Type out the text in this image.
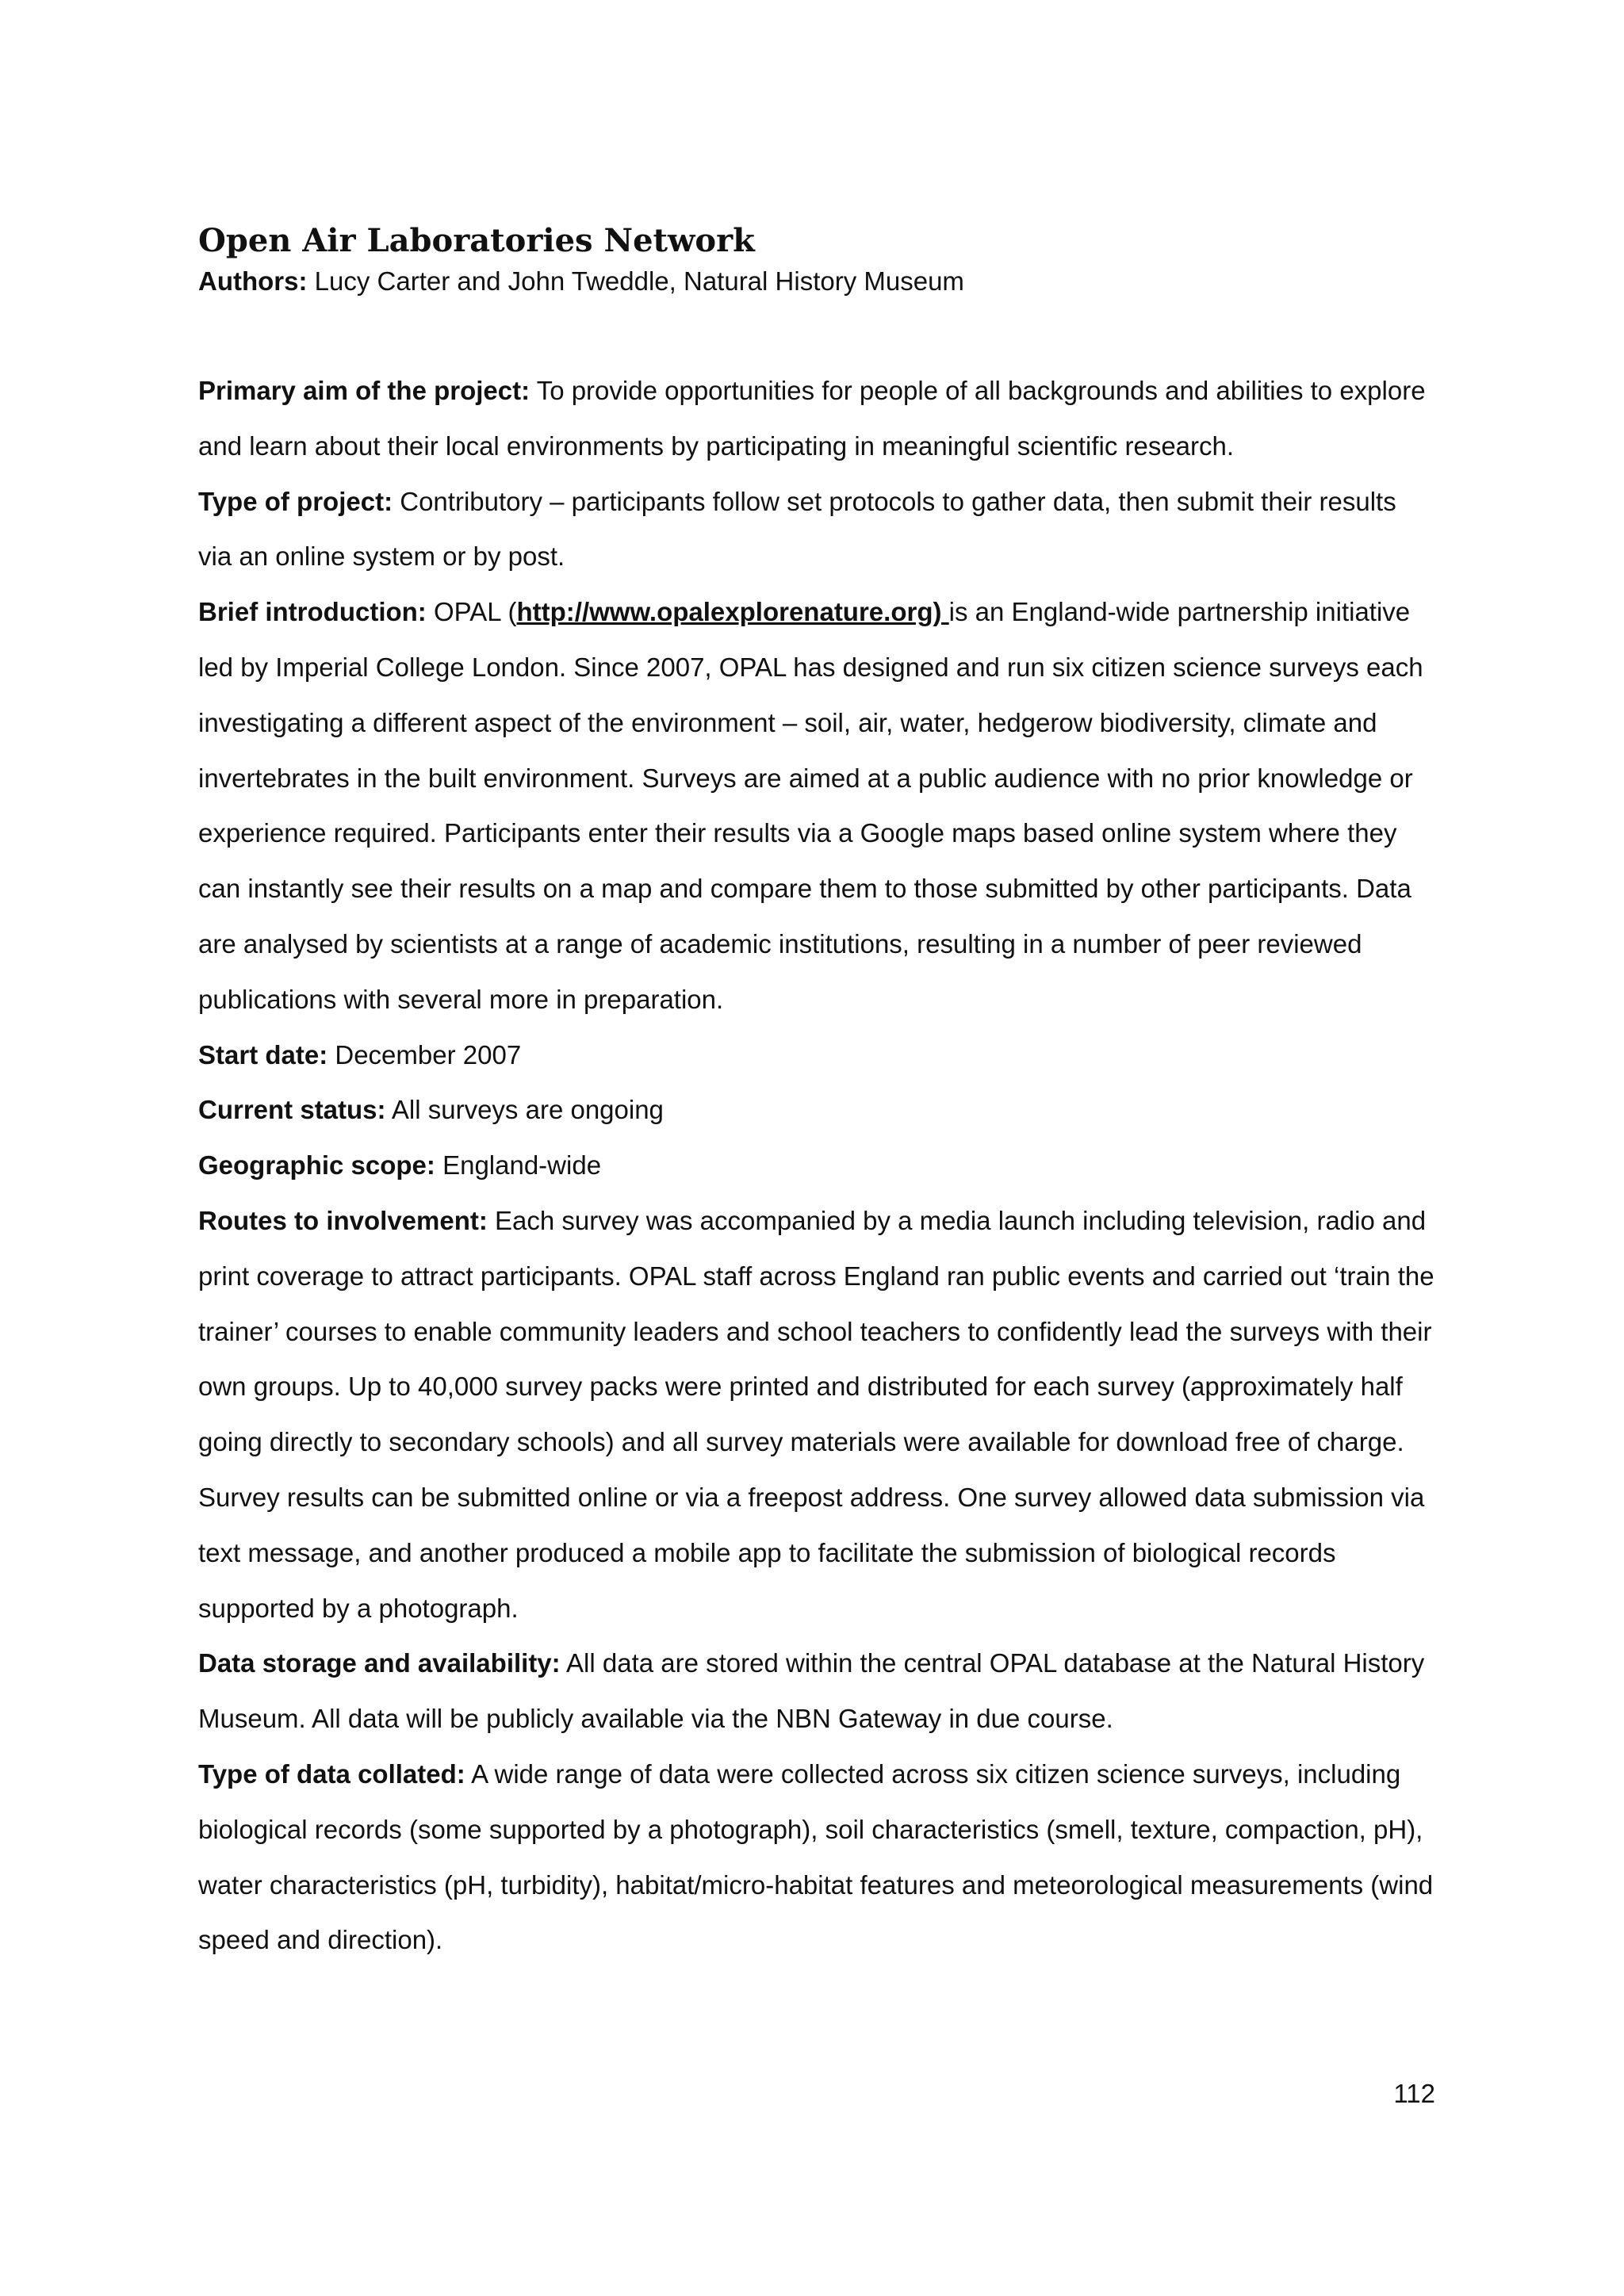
Open Air Laboratories Network

Authors: Lucy Carter and John Tweddle, Natural History Museum

Primary aim of the project: To provide opportunities for people of all backgrounds and abilities to explore and learn about their local environments by participating in meaningful scientific research.

Type of project: Contributory – participants follow set protocols to gather data, then submit their results via an online system or by post.

Brief introduction: OPAL (http://www.opalexplorenature.org) is an England-wide partnership initiative led by Imperial College London. Since 2007, OPAL has designed and run six citizen science surveys each investigating a different aspect of the environment – soil, air, water, hedgerow biodiversity, climate and invertebrates in the built environment. Surveys are aimed at a public audience with no prior knowledge or experience required. Participants enter their results via a Google maps based online system where they can instantly see their results on a map and compare them to those submitted by other participants. Data are analysed by scientists at a range of academic institutions, resulting in a number of peer reviewed publications with several more in preparation.

Start date: December 2007

Current status: All surveys are ongoing

Geographic scope: England-wide

Routes to involvement: Each survey was accompanied by a media launch including television, radio and print coverage to attract participants. OPAL staff across England ran public events and carried out ‘train the trainer’ courses to enable community leaders and school teachers to confidently lead the surveys with their own groups. Up to 40,000 survey packs were printed and distributed for each survey (approximately half going directly to secondary schools) and all survey materials were available for download free of charge. Survey results can be submitted online or via a freepost address. One survey allowed data submission via text message, and another produced a mobile app to facilitate the submission of biological records supported by a photograph.

Data storage and availability: All data are stored within the central OPAL database at the Natural History Museum. All data will be publicly available via the NBN Gateway in due course.

Type of data collated: A wide range of data were collected across six citizen science surveys, including biological records (some supported by a photograph), soil characteristics (smell, texture, compaction, pH), water characteristics (pH, turbidity), habitat/micro-habitat features and meteorological measurements (wind speed and direction).

112
